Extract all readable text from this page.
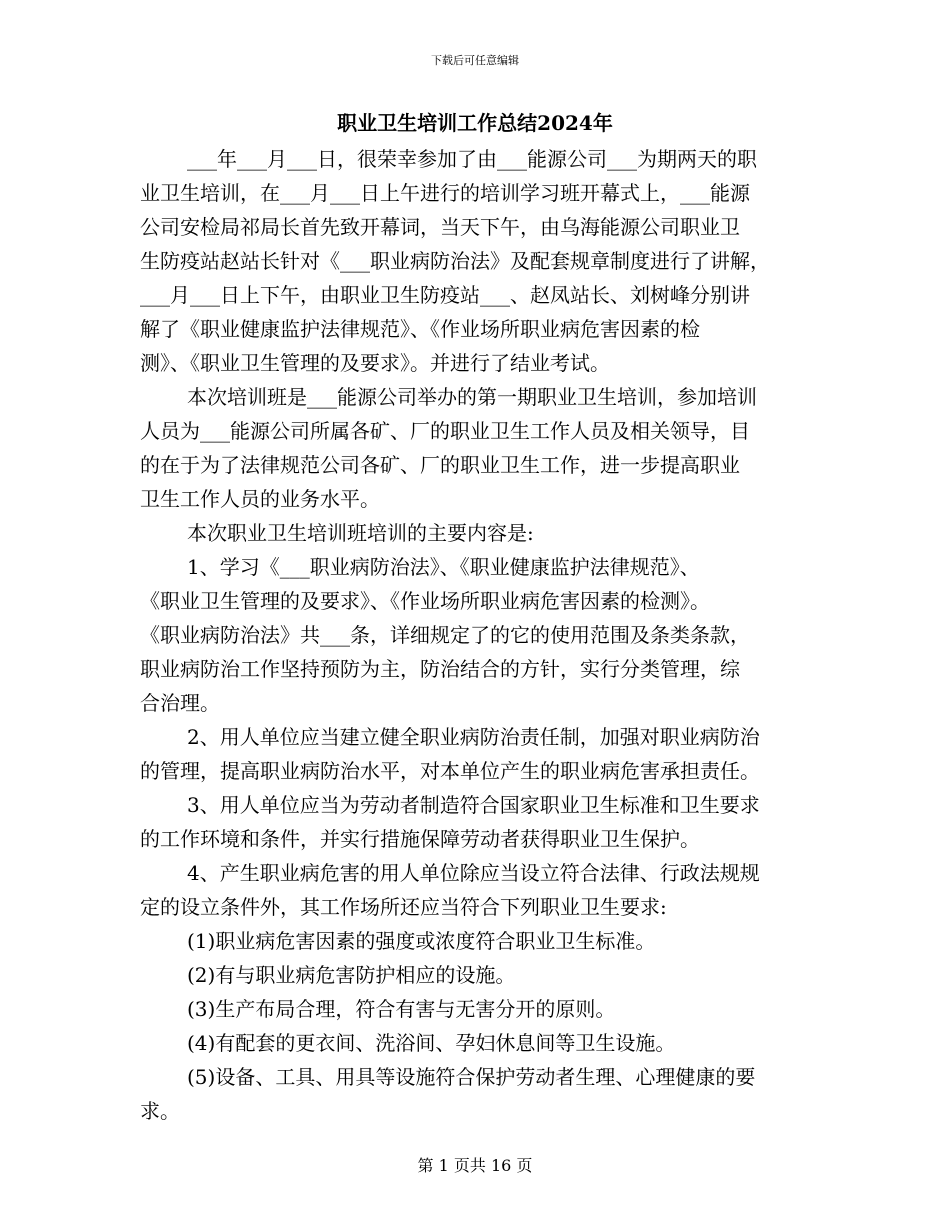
下载后可任意编辑
职业卫生培训工作总结2024年
___年___月___日，很荣幸参加了由___能源公司___为期两天的职
业卫生培训，在___月___日上午进行的培训学习班开幕式上，___能源
公司安检局祁局长首先致开幕词，当天下午，由乌海能源公司职业卫
生防疫站赵站长针对《___职业病防治法》及配套规章制度进行了讲解，
___月___日上下午，由职业卫生防疫站___、赵凤站长、刘树峰分别讲
解了《职业健康监护法律规范》、《作业场所职业病危害因素的检
测》、《职业卫生管理的及要求》。并进行了结业考试。
本次培训班是___能源公司举办的第一期职业卫生培训，参加培训
人员为___能源公司所属各矿、厂的职业卫生工作人员及相关领导，目
的在于为了法律规范公司各矿、厂的职业卫生工作，进一步提高职业
卫生工作人员的业务水平。
本次职业卫生培训班培训的主要内容是:
1、学习《___职业病防治法》、《职业健康监护法律规范》、
《职业卫生管理的及要求》、《作业场所职业病危害因素的检测》。
《职业病防治法》共___条，详细规定了的它的使用范围及条类条款，
职业病防治工作坚持预防为主，防治结合的方针，实行分类管理，综
合治理。
2、用人单位应当建立健全职业病防治责任制，加强对职业病防治
的管理，提高职业病防治水平，对本单位产生的职业病危害承担责任。
3、用人单位应当为劳动者制造符合国家职业卫生标准和卫生要求
的工作环境和条件，并实行措施保障劳动者获得职业卫生保护。
4、产生职业病危害的用人单位除应当设立符合法律、行政法规规
定的设立条件外，其工作场所还应当符合下列职业卫生要求:
(1)职业病危害因素的强度或浓度符合职业卫生标准。
(2)有与职业病危害防护相应的设施。
(3)生产布局合理，符合有害与无害分开的原则。
(4)有配套的更衣间、洗浴间、孕妇休息间等卫生设施。
(5)设备、工具、用具等设施符合保护劳动者生理、心理健康的要
求。
第 1 页共 16 页
